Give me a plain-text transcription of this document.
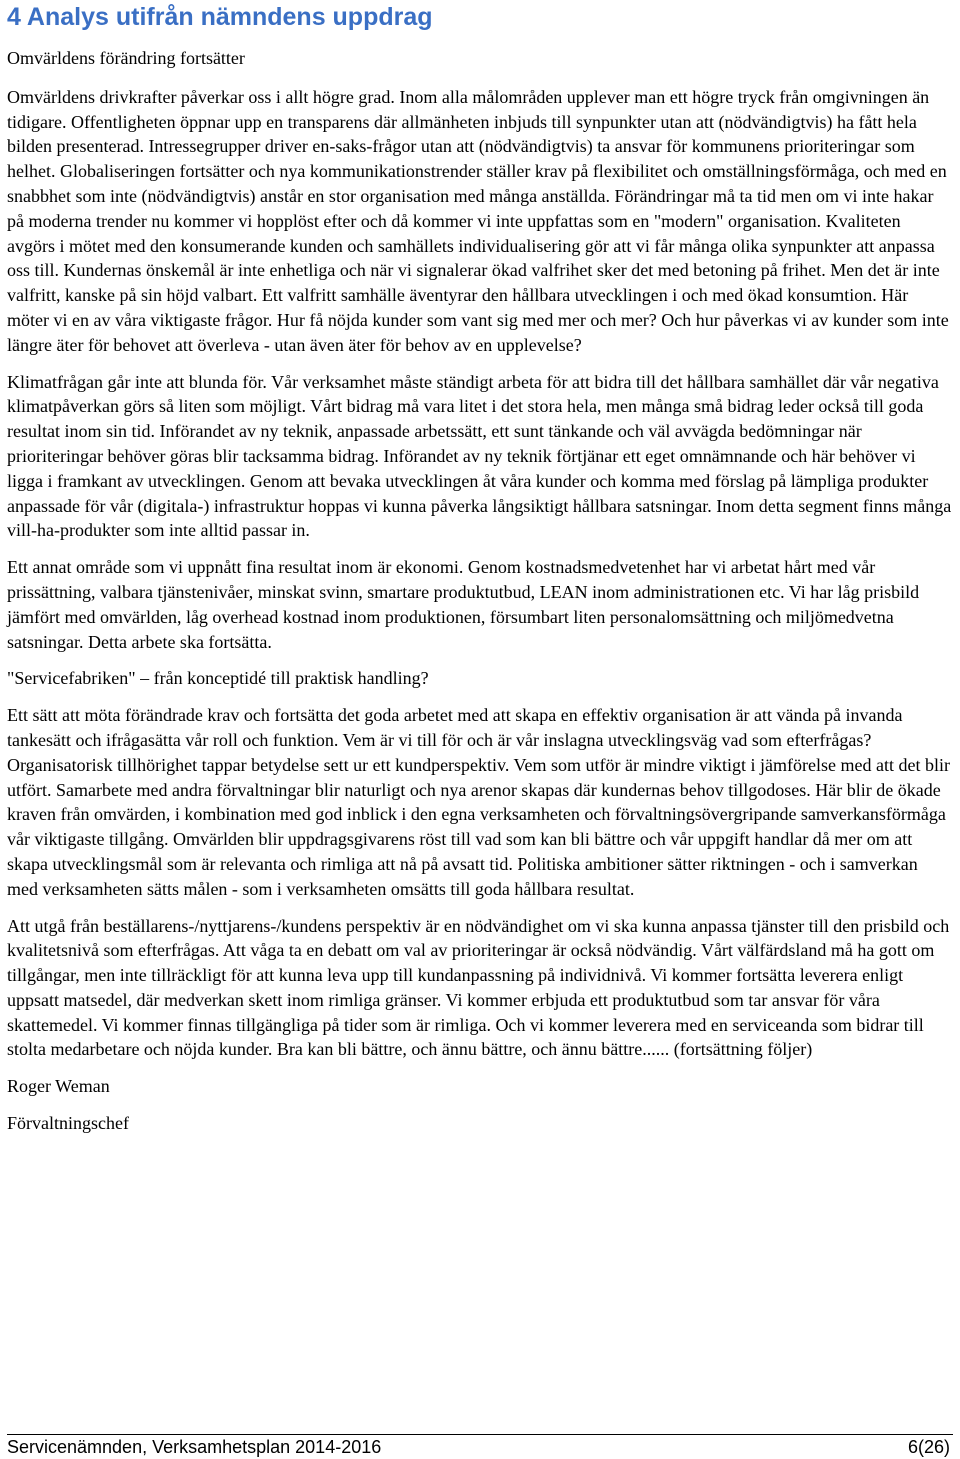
4 Analys utifrån nämndens uppdrag

Omvärldens förändring fortsätter

Omvärldens drivkrafter påverkar oss i allt högre grad. Inom alla målområden upplever man ett högre tryck från omgivningen än tidigare. Offentligheten öppnar upp en transparens där allmänheten inbjuds till synpunkter utan att (nödvändigtvis) ha fått hela bilden presenterad. Intressegrupper driver en-saks-frågor utan att (nödvändigtvis) ta ansvar för kommunens prioriteringar som helhet. Globaliseringen fortsätter och nya kommunikationstrender ställer krav på flexibilitet och omställningsförmåga, och med en snabbhet som inte (nödvändigtvis) anstår en stor organisation med många anställda. Förändringar må ta tid men om vi inte hakar på moderna trender nu kommer vi hopplöst efter och då kommer vi inte uppfattas som en "modern" organisation. Kvaliteten avgörs i mötet med den konsumerande kunden och samhällets individualisering gör att vi får många olika synpunkter att anpassa oss till. Kundernas önskemål är inte enhetliga och när vi signalerar ökad valfrihet sker det med betoning på frihet. Men det är inte valfritt, kanske på sin höjd valbart. Ett valfritt samhälle äventyrar den hållbara utvecklingen i och med ökad konsumtion. Här möter vi en av våra viktigaste frågor. Hur få nöjda kunder som vant sig med mer och mer? Och hur påverkas vi av kunder som inte längre äter för behovet att överleva - utan även äter för behov av en upplevelse?

Klimatfrågan går inte att blunda för. Vår verksamhet måste ständigt arbeta för att bidra till det hållbara samhället där vår negativa klimatpåverkan görs så liten som möjligt. Vårt bidrag må vara litet i det stora hela, men många små bidrag leder också till goda resultat inom sin tid. Införandet av ny teknik, anpassade arbetssätt, ett sunt tänkande och väl avvägda bedömningar när prioriteringar behöver göras blir tacksamma bidrag. Införandet av ny teknik förtjänar ett eget omnämnande och här behöver vi ligga i framkant av utvecklingen. Genom att bevaka utvecklingen åt våra kunder och komma med förslag på lämpliga produkter anpassade för vår (digitala-) infrastruktur hoppas vi kunna påverka långsiktigt hållbara satsningar. Inom detta segment finns många vill-ha-produkter som inte alltid passar in.

Ett annat område som vi uppnått fina resultat inom är ekonomi. Genom kostnadsmedvetenhet har vi arbetat hårt med vår prissättning, valbara tjänstenivåer, minskat svinn, smartare produktutbud, LEAN inom administrationen etc. Vi har låg prisbild jämfört med omvärlden, låg overhead kostnad inom produktionen, försumbart liten personalomsättning och miljömedvetna satsningar. Detta arbete ska fortsätta.

"Servicefabriken" – från konceptidé till praktisk handling?

Ett sätt att möta förändrade krav och fortsätta det goda arbetet med att skapa en effektiv organisation är att vända på invanda tankesätt och ifrågasätta vår roll och funktion. Vem är vi till för och är vår inslagna utvecklingsväg vad som efterfrågas? Organisatorisk tillhörighet tappar betydelse sett ur ett kundperspektiv. Vem som utför är mindre viktigt i jämförelse med att det blir utfört. Samarbete med andra förvaltningar blir naturligt och nya arenor skapas där kundernas behov tillgodoses. Här blir de ökade kraven från omvärden, i kombination med god inblick i den egna verksamheten och förvaltningsövergripande samverkansförmåga vår viktigaste tillgång. Omvärlden blir uppdragsgivarens röst till vad som kan bli bättre och vår uppgift handlar då mer om att skapa utvecklingsmål som är relevanta och rimliga att nå på avsatt tid. Politiska ambitioner sätter riktningen - och i samverkan med verksamheten sätts målen - som i verksamheten omsätts till goda hållbara resultat.

Att utgå från beställarens-/nyttjarens-/kundens perspektiv är en nödvändighet om vi ska kunna anpassa tjänster till den prisbild och kvalitetsnivå som efterfrågas. Att våga ta en debatt om val av prioriteringar är också nödvändig. Vårt välfärdsland må ha gott om tillgångar, men inte tillräckligt för att kunna leva upp till kundanpassning på individnivå. Vi kommer fortsätta leverera enligt uppsatt matsedel, där medverkan skett inom rimliga gränser. Vi kommer erbjuda ett produktutbud som tar ansvar för våra skattemedel. Vi kommer finnas tillgängliga på tider som är rimliga. Och vi kommer leverera med en serviceanda som bidrar till stolta medarbetare och nöjda kunder. Bra kan bli bättre, och ännu bättre, och ännu bättre...... (fortsättning följer)

Roger Weman

Förvaltningschef

Servicenämnden, Verksamhetsplan 2014-2016	6(26)
